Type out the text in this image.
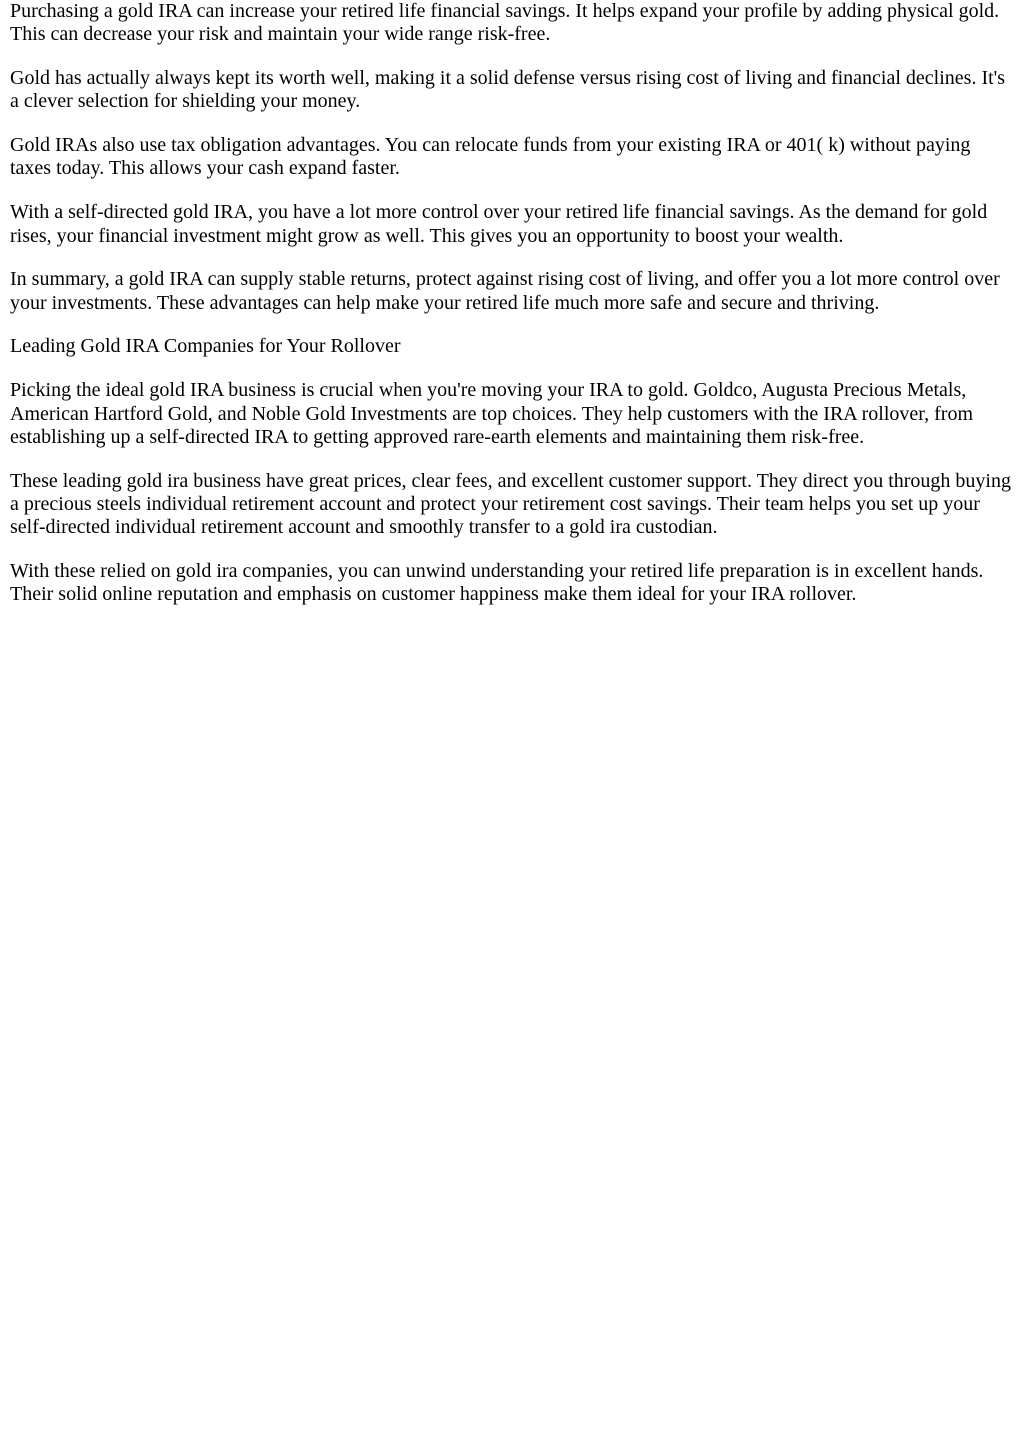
Purchasing a gold IRA can increase your retired life financial savings. It helps expand your profile by adding physical gold. This can decrease your risk and maintain your wide range risk-free.

Gold has actually always kept its worth well, making it a solid defense versus rising cost of living and financial declines. It's a clever selection for shielding your money.

Gold IRAs also use tax obligation advantages. You can relocate funds from your existing IRA or 401( k) without paying taxes today. This allows your cash expand faster.

With a self-directed gold IRA, you have a lot more control over your retired life financial savings. As the demand for gold rises, your financial investment might grow as well. This gives you an opportunity to boost your wealth.

In summary, a gold IRA can supply stable returns, protect against rising cost of living, and offer you a lot more control over your investments. These advantages can help make your retired life much more safe and secure and thriving.

Leading Gold IRA Companies for Your Rollover

Picking the ideal gold IRA business is crucial when you're moving your IRA to gold. Goldco, Augusta Precious Metals, American Hartford Gold, and Noble Gold Investments are top choices. They help customers with the IRA rollover, from establishing up a self-directed IRA to getting approved rare-earth elements and maintaining them risk-free.

These leading gold ira business have great prices, clear fees, and excellent customer support. They direct you through buying a precious steels individual retirement account and protect your retirement cost savings. Their team helps you set up your self-directed individual retirement account and smoothly transfer to a gold ira custodian.

With these relied on gold ira companies, you can unwind understanding your retired life preparation is in excellent hands. Their solid online reputation and emphasis on customer happiness make them ideal for your IRA rollover.
